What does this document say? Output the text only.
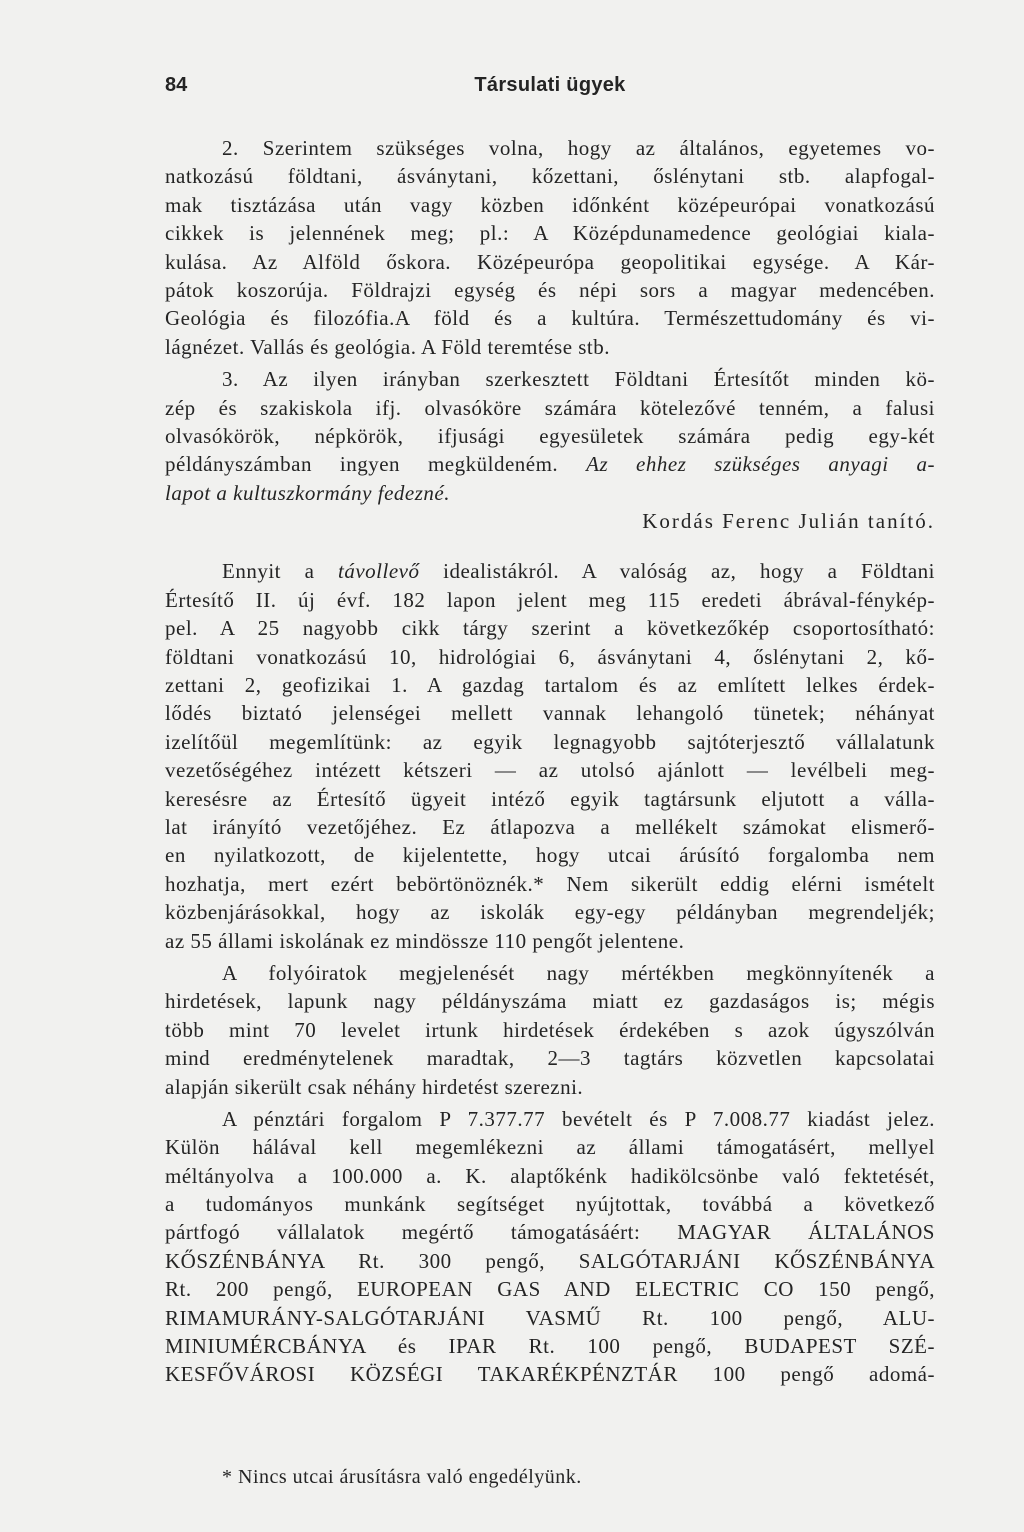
84	Társulati ügyek
2. Szerintem szükséges volna, hogy az általános, egyetemes vo-
natkozású földtani, ásványtani, kőzettani, őslénytani stb. alapfogal-
mak tisztázása után vagy közben időnként középeurópai vonatkozású
cikkek is jelennének meg; pl.: A Középdunamedence geológiai kiala-
kulása. Az Alföld őskora. Középeurópa geopolitikai egysége. A Kár-
pátok koszorúja. Földrajzi egység és népi sors a magyar medencében.
Geológia és filozófia.A föld és a kultúra. Természettudomány és vi-
lágnézet. Vallás és geológia. A Föld teremtése stb.
3. Az ilyen irányban szerkesztett Földtani Értesítőt minden kö-
zép és szakiskola ifj. olvasóköre számára kötelezővé tenném, a falusi
olvasókörök, népkörök, ifjusági egyesületek számára pedig egy-két
példányszámban ingyen megküldeném. Az ehhez szükséges anyagi a-
lapot a kultuszkormány fedezné.
Kordás Ferenc Julián tanító.
Ennyit a távollevő idealistákról. A valóság az, hogy a Földtani
Értesítő II. új évf. 182 lapon jelent meg 115 eredeti ábrával-fénykép-
pel. A 25 nagyobb cikk tárgy szerint a következőkép csoportosítható:
földtani vonatkozású 10, hidrológiai 6, ásványtani 4, őslénytani 2, kő-
zettani 2, geofizikai 1. A gazdag tartalom és az említett lelkes érdek-
lődés biztató jelenségei mellett vannak lehangoló tünetek; néhányat
izelítőül megemlítünk: az egyik legnagyobb sajtóterjesztő vállalatunk
vezetőségéhez intézett kétszeri — az utolsó ajánlott — levélbeli meg-
keresésre az Értesítő ügyeit intéző egyik tagtársunk eljutott a válla-
lat irányító vezetőjéhez. Ez átlapozva a mellékelt számokat elismerő-
en nyilatkozott, de kijelentette, hogy utcai árúsító forgalomba nem
hozhatja, mert ezért bebörtönöznék.* Nem sikerült eddig elérni ismételt
közbenjárásokkal, hogy az iskolák egy-egy példányban megrendeljék;
az 55 állami iskolának ez mindössze 110 pengőt jelentene.
A folyóiratok megjelenését nagy mértékben megkönnyítenék a
hirdetések, lapunk nagy példányszáma miatt ez gazdaságos is; mégis
több mint 70 levelet irtunk hirdetések érdekében s azok úgyszólván
mind eredménytelenek maradtak, 2—3 tagtárs közvetlen kapcsolatai
alapján sikerült csak néhány hirdetést szerezni.
A pénztári forgalom P 7.377.77 bevételt és P 7.008.77 kiadást jelez.
Külön hálával kell megemlékezni az állami támogatásért, mellyel
méltányolva a 100.000 a. K. alaptőkénk hadikölcsönbe való fektetését,
a tudományos munkánk segítséget nyújtottak, továbbá a következő
pártfogó vállalatok megértő támogatásáért: MAGYAR ÁLTALÁNOS
KŐSZÉNBÁNYA Rt. 300 pengő, SALGÓTARJÁNI KŐSZÉNBÁNYA
Rt. 200 pengő, EUROPEAN GAS AND ELECTRIC CO 150 pengő,
RIMAMURÁNY-SALGÓTARJÁNI VASMŰ Rt. 100 pengő, ALU-
MINIUMÉRCBÁNYA és IPAR Rt. 100 pengő, BUDAPEST SZÉ-
KESFŐVÁROSI KÖZSÉGI TAKARÉKPÉNZTÁR 100 pengő adomá-
* Nincs utcai árusításra való engedélyünk.
